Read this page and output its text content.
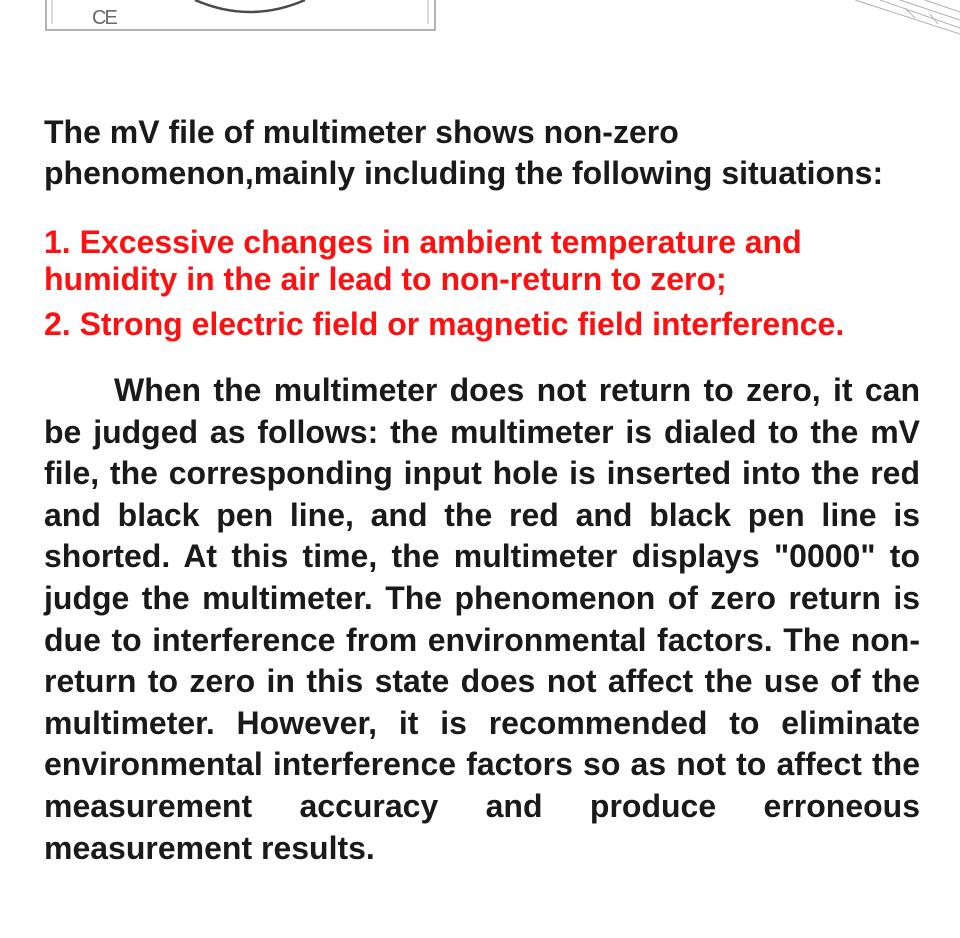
CE

The mV file of multimeter shows non-zero phenomenon,mainly including the following situations:

1. Excessive changes in ambient temperature and humidity in the air lead to non-return to zero;

2. Strong electric field or magnetic field interference.

When the multimeter does not return to zero, it can be judged as follows: the multimeter is dialed to the mV file, the corresponding input hole is inserted into the red and black pen line, and the red and black pen line is shorted. At this time, the multimeter displays "0000" to judge the multimeter. The phenomenon of zero return is due to interference from environmental factors. The non-return to zero in this state does not affect the use of the multimeter. However, it is recommended to eliminate environmental interference factors so as not to affect the measurement accuracy and produce erroneous measurement results.
